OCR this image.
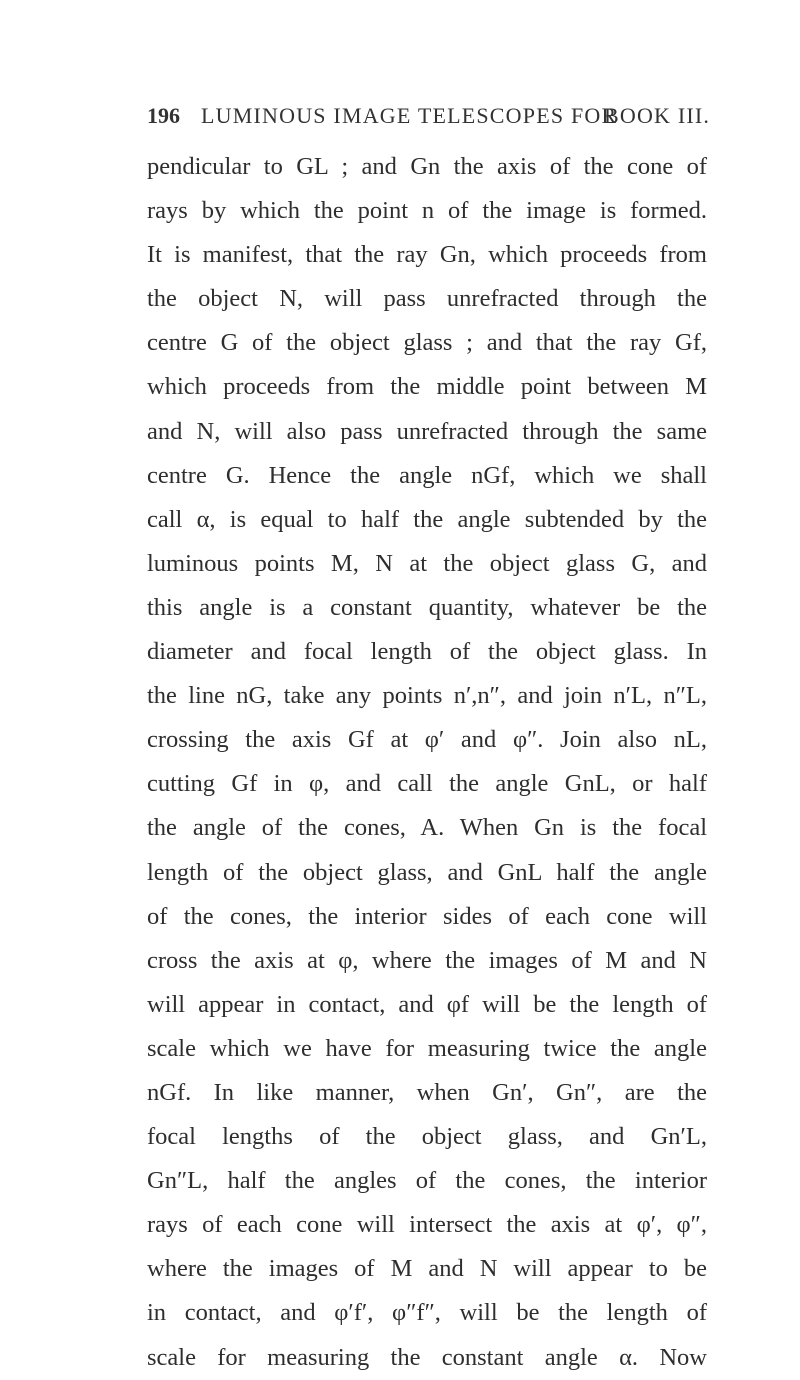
196 LUMINOUS IMAGE TELESCOPES FOR
BOOK III.
pendicular to GL ; and Gn the axis of the cone of
rays by which the point n of the image is formed.
It is manifest, that the ray Gn, which proceeds from
the object N, will pass unrefracted through the
centre G of the object glass ; and that the ray Gf,
which proceeds from the middle point between M
and N, will also pass unrefracted through the same
centre G. Hence the angle nGf, which we shall
call α, is equal to half the angle subtended by the
luminous points M, N at the object glass G, and
this angle is a constant quantity, whatever be the
diameter and focal length of the object glass. In
the line nG, take any points n′,n″, and join n′L, n″L,
crossing the axis Gf at φ′ and φ″. Join also nL,
cutting Gf in φ, and call the angle GnL, or half
the angle of the cones, A. When Gn is the focal
length of the object glass, and GnL half the angle
of the cones, the interior sides of each cone will
cross the axis at φ, where the images of M and N
will appear in contact, and φf will be the length of
scale which we have for measuring twice the angle
nGf. In like manner, when Gn′, Gn″, are the
focal lengths of the object glass, and Gn′L,
Gn″L, half the angles of the cones, the interior
rays of each cone will intersect the axis at φ′, φ″,
where the images of M and N will appear to be
in contact, and φ′f′, φ″f″, will be the length of
scale for measuring the constant angle α. Now
